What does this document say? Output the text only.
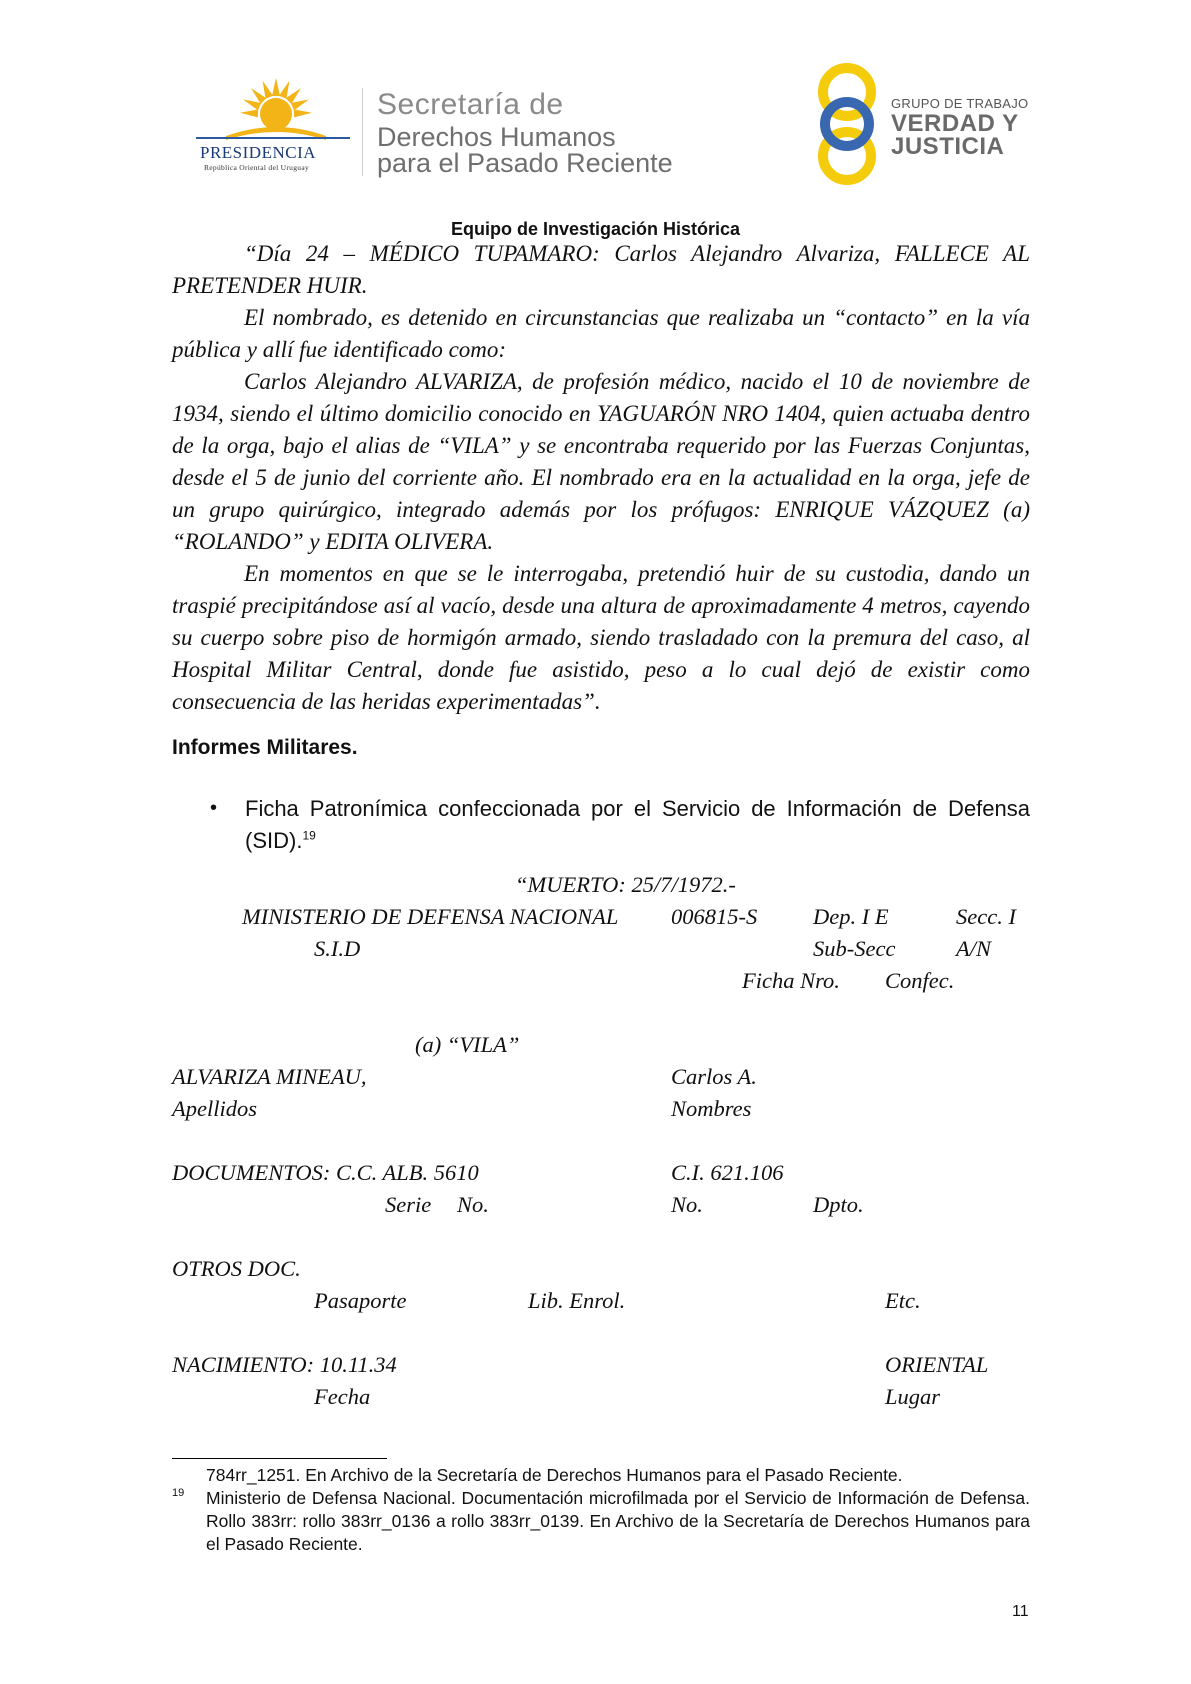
PRESIDENCIA
República Oriental del Uruguay
Secretaría de
Derechos Humanos
para el Pasado Reciente
GRUPO DE TRABAJO
VERDAD Y
JUSTICIA
Equipo de Investigación Histórica

“Día 24 – MÉDICO TUPAMARO: Carlos Alejandro Alvariza, FALLECE AL PRETENDER HUIR.

El nombrado, es detenido en circunstancias que realizaba un “contacto” en la vía pública y allí fue identificado como:

Carlos Alejandro ALVARIZA, de profesión médico, nacido el 10 de noviembre de 1934, siendo el último domicilio conocido en YAGUARÓN NRO 1404, quien actuaba dentro de la orga, bajo el alias de “VILA” y se encontraba requerido por las Fuerzas Conjuntas, desde el 5 de junio del corriente año. El nombrado era en la actualidad en la orga, jefe de un grupo quirúrgico, integrado además por los prófugos: ENRIQUE VÁZQUEZ (a) “ROLANDO” y EDITA OLIVERA.

En momentos en que se le interrogaba, pretendió huir de su custodia, dando un traspié precipitándose así al vacío, desde una altura de aproximadamente 4 metros, cayendo su cuerpo sobre piso de hormigón armado, siendo trasladado con la premura del caso, al Hospital Militar Central, donde fue asistido, peso a lo cual dejó de existir como consecuencia de las heridas experimentadas”.

Informes Militares.
• Ficha Patronímica confeccionada por el Servicio de Información de Defensa (SID).$^{19}$
“MUERTO: 25/7/1972.-
MINISTERIO DE DEFENSA NACIONAL 006815-S Dep. I E	Secc. I
S.I.D	Sub-Secc	A/N
Ficha Nro. Confec.
(a) “VILA”
ALVARIZA MINEAU,	Carlos A.
Apellidos	Nombres
DOCUMENTOS: C.C. ALB. 5610	C.I. 621.106
Serie No.	No.	Dpto.
OTROS DOC.
Pasaporte	Lib. Enrol.	Etc.
NACIMIENTO: 10.11.34	ORIENTAL
Fecha	Lugar
19
784rr_1251. En Archivo de la Secretaría de Derechos Humanos para el Pasado Reciente.
Ministerio de Defensa Nacional. Documentación microfilmada por el Servicio de Información de Defensa. Rollo 383rr: rollo 383rr_0136 a rollo 383rr_0139. En Archivo de la Secretaría de Derechos Humanos para el Pasado Reciente.
11
